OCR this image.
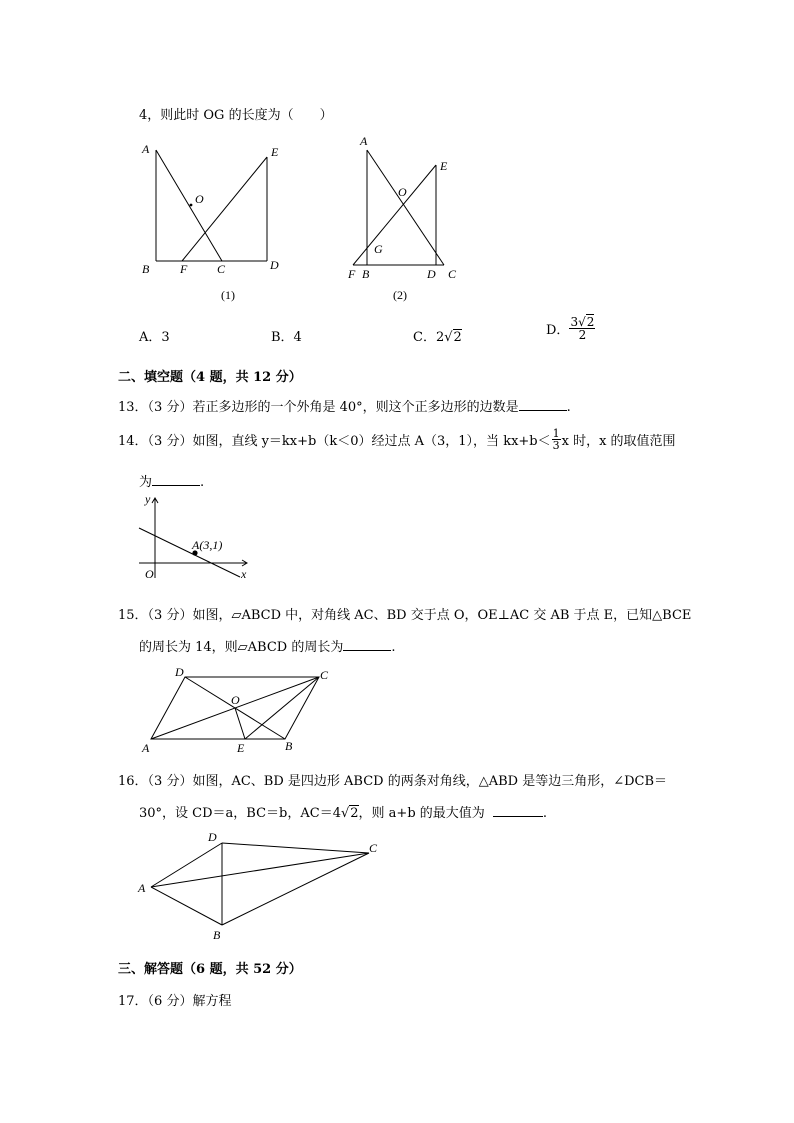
4，则此时 OG 的长度为（　　）
A	E
O
B	F C	D
(1)
A
E
O
G
F B	D C
(2)
A．3	B．4	C．2√2	D． $\frac{3√2}{2}$
二、填空题（4 题，共 12 分）
13．（3 分）若正多边形的一个外角是 40°，则这个正多边形的边数是	.
14．（3 分）如图，直线 y＝kx+b（k＜0）经过点 A（3，1），当 $kx+b< \frac{1}{3}$ x 时，x 的取值范围
为	.
y
x
O
A(3,1)
15．（3 分）如图，▱ABCD 中，对角线 AC、BD 交于点 O，OE⊥AC 交 AB 于点 E，已知△BCE
的周长为 14，则▱ABCD 的周长为	.
D	C
O
A	E	B
16．（3 分）如图，AC、BD 是四边形 ABCD 的两条对角线，△ABD 是等边三角形，∠DCB＝
30°，设 CD＝a，BC＝b，AC＝4√2，则 a+b 的最大值为	.
D
C
A
B
三、解答题（6 题，共 52 分）
17．（6 分）解方程
